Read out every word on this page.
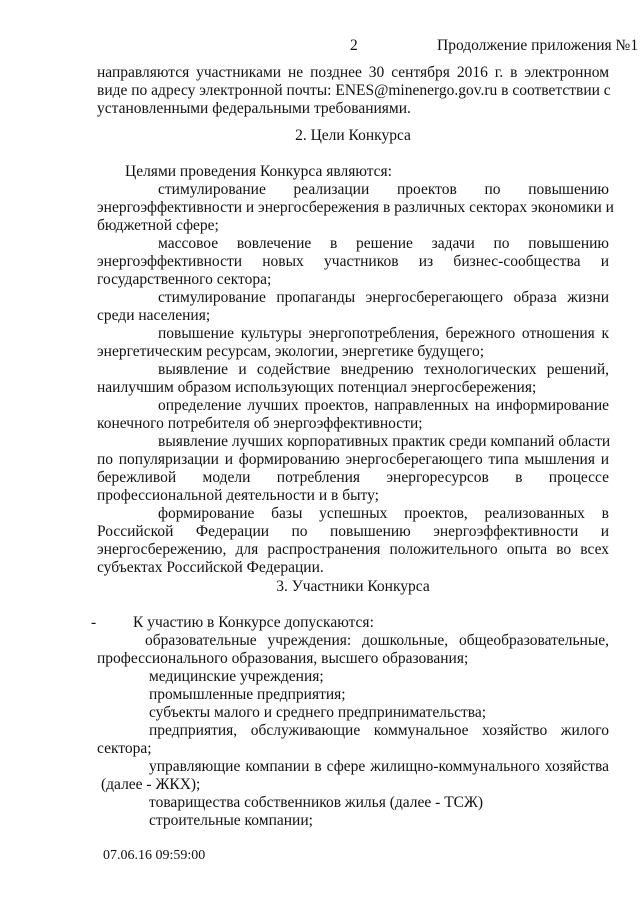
2	Продолжение приложения №1
направляются участниками не позднее 30 сентября 2016 г. в электронном
виде по адресу электронной почты: ENES@minenergo.gov.ru в соответствии с
установленными федеральными требованиями.
2. Цели Конкурса
Целями проведения Конкурса являются:
стимулирование реализации проектов по повышению
энергоэффективности и энергосбережения в различных секторах экономики и
бюджетной сфере;
массовое вовлечение в решение задачи по повышению
энергоэффективности новых участников из бизнес-сообщества и
государственного сектора;
стимулирование пропаганды энергосберегающего образа жизни
среди населения;
повышение культуры энергопотребления, бережного отношения к
энергетическим ресурсам, экологии, энергетике будущего;
выявление и содействие внедрению технологических решений,
наилучшим образом использующих потенциал энергосбережения;
определение лучших проектов, направленных на информирование
конечного потребителя об энергоэффективности;
выявление лучших корпоративных практик среди компаний области
по популяризации и формированию энергосберегающего типа мышления и
бережливой модели потребления энергоресурсов в процессе
профессиональной деятельности и в быту;
формирование базы успешных проектов, реализованных в
Российской Федерации по повышению энергоэффективности и
энергосбережению, для распространения положительного опыта во всех
субъектах Российской Федерации.
3. Участники Конкурса
- К участию в Конкурсе допускаются:
образовательные учреждения: дошкольные, общеобразовательные,
профессионального образования, высшего образования;
медицинские учреждения;
промышленные предприятия;
субъекты малого и среднего предпринимательства;
предприятия, обслуживающие коммунальное хозяйство жилого
сектора;
управляющие компании в сфере жилищно-коммунального хозяйства
(далее - ЖКХ);
товарищества собственников жилья (далее - ТСЖ)
строительные компании;
07.06.16 09:59:00
